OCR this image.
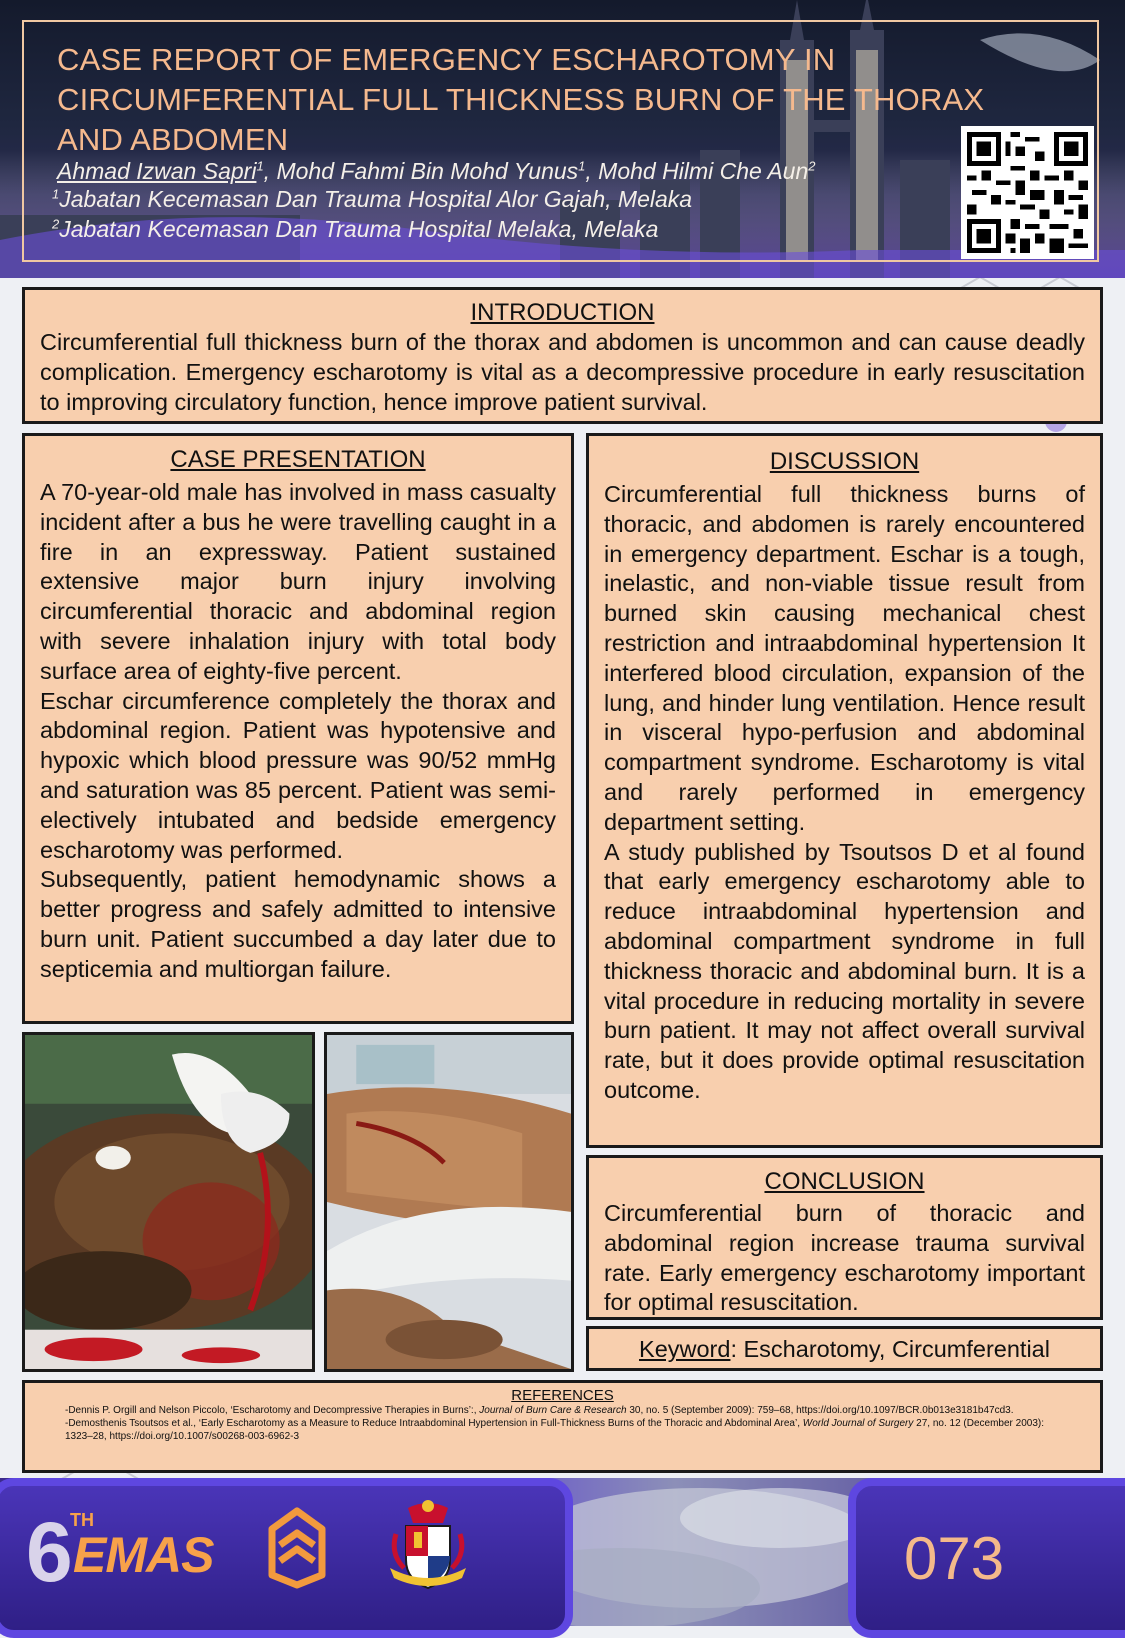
CASE REPORT OF EMERGENCY ESCHAROTOMY IN CIRCUMFERENTIAL FULL THICKNESS BURN OF THE THORAX AND ABDOMEN
Ahmad Izwan Sapri$^1$, Mohd Fahmi Bin Mohd Yunus$^1$, Mohd Hilmi Che Aun$^2$
$^1$Jabatan Kecemasan Dan Trauma Hospital Alor Gajah, Melaka
$^2$Jabatan Kecemasan Dan Trauma Hospital Melaka, Melaka
INTRODUCTION

Circumferential full thickness burn of the thorax and abdomen is uncommon and can cause deadly complication. Emergency escharotomy is vital as a decompressive procedure in early resuscitation to improving circulatory function, hence improve patient survival.

CASE PRESENTATION

A 70-year-old male has involved in mass casualty incident after a bus he were travelling caught in a fire in an expressway. Patient sustained extensive major burn injury involving circumferential thoracic and abdominal region with severe inhalation injury with total body surface area of eighty-five percent.

Eschar circumference completely the thorax and abdominal region. Patient was hypotensive and hypoxic which blood pressure was 90/52 mmHg and saturation was 85 percent. Patient was semi-electively intubated and bedside emergency escharotomy was performed.

Subsequently, patient hemodynamic shows a better progress and safely admitted to intensive burn unit. Patient succumbed a day later due to septicemia and multiorgan failure.

DISCUSSION

Circumferential full thickness burns of thoracic, and abdomen is rarely encountered in emergency department. Eschar is a tough, inelastic, and non-viable tissue result from burned skin causing mechanical chest restriction and intraabdominal hypertension It interfered blood circulation, expansion of the lung, and hinder lung ventilation. Hence result in visceral hypo-perfusion and abdominal compartment syndrome. Escharotomy is vital and rarely performed in emergency department setting.

A study published by Tsoutsos D et al found that early emergency escharotomy able to reduce intraabdominal hypertension and abdominal compartment syndrome in full thickness thoracic and abdominal burn. It is a vital procedure in reducing mortality in severe burn patient. It may not affect overall survival rate, but it does provide optimal resuscitation outcome.

CONCLUSION

Circumferential burn of thoracic and abdominal region increase trauma survival rate. Early emergency escharotomy important for optimal resuscitation.

Keyword: Escharotomy, Circumferential
REFERENCES

-Dennis P. Orgill and Nelson Piccolo, ‘Escharotomy and Decompressive Therapies in Burns’:, Journal of Burn Care & Research 30, no. 5 (September 2009): 759–68, https://doi.org/10.1097/BCR.0b013e3181b47cd3.

-Demosthenis Tsoutsos et al., ‘Early Escharotomy as a Measure to Reduce Intraabdominal Hypertension in Full-Thickness Burns of the Thoracic and Abdominal Area’, World Journal of Surgery 27, no. 12 (December 2003): 1323–28, https://doi.org/10.1007/s00268-003-6962-3

6
TH
EMAS	073
